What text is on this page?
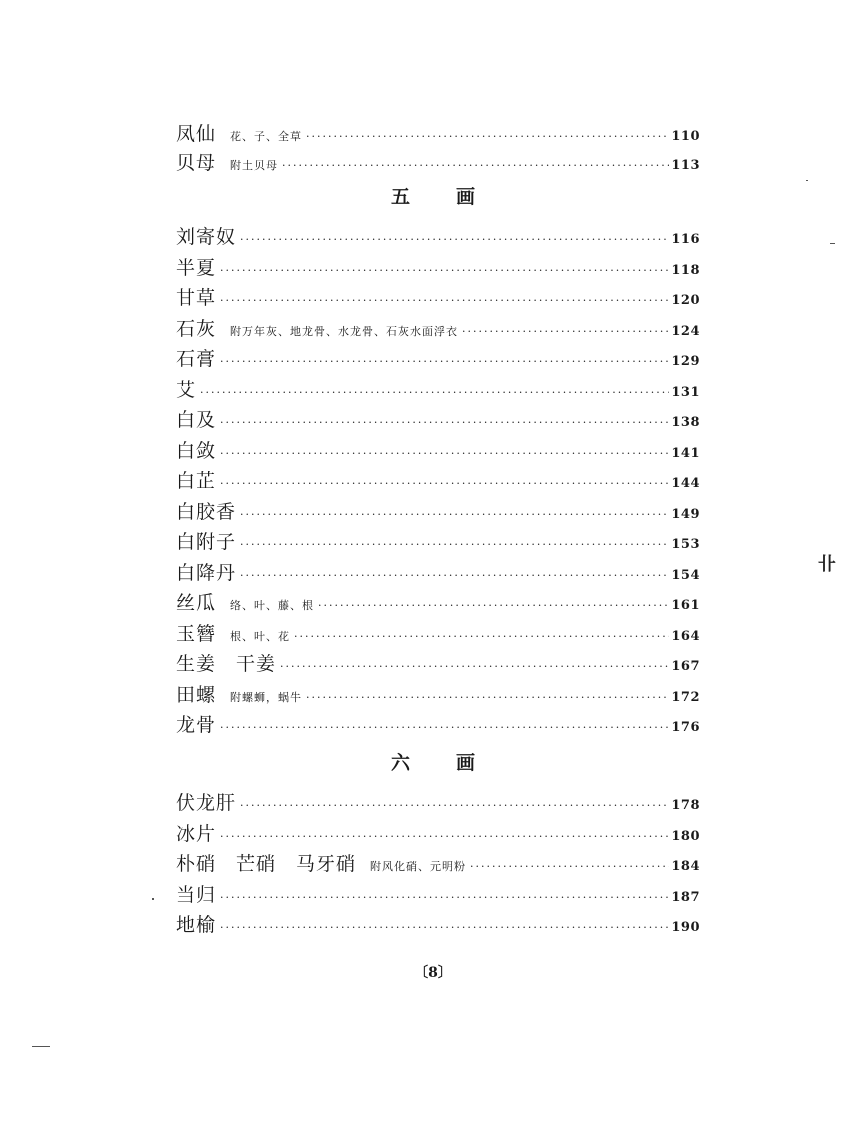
凤仙 花、子、全草 ·····	110
贝母 附土贝母 ·····	113
五画
刘寄奴 ·····	116
半夏 ·····	118
甘草 ·····	120
石灰 附万年灰、地龙骨、水龙骨、石灰水面浮衣 ·····	124
石膏 ·····	129
艾 ·····	131
白及 ·····	138
白敛 ·····	141
白芷 ·····	144
白胶香 ·····	149
白附子 ·····	153
白降丹 ·····	154
丝瓜 络、叶、藤、根 ·····	161
玉簪 根、叶、花 ·····	164
生姜　干姜 ·····	167
田螺 附螺蛳，蜗牛 ·····	172
龙骨 ·····	176
六画
伏龙肝 ·····	178
冰片 ·····	180
朴硝　芒硝　马牙硝 附风化硝、元明粉 ·····	184
当归 ·····	187
地榆 ·····	190
〔8〕
卝
